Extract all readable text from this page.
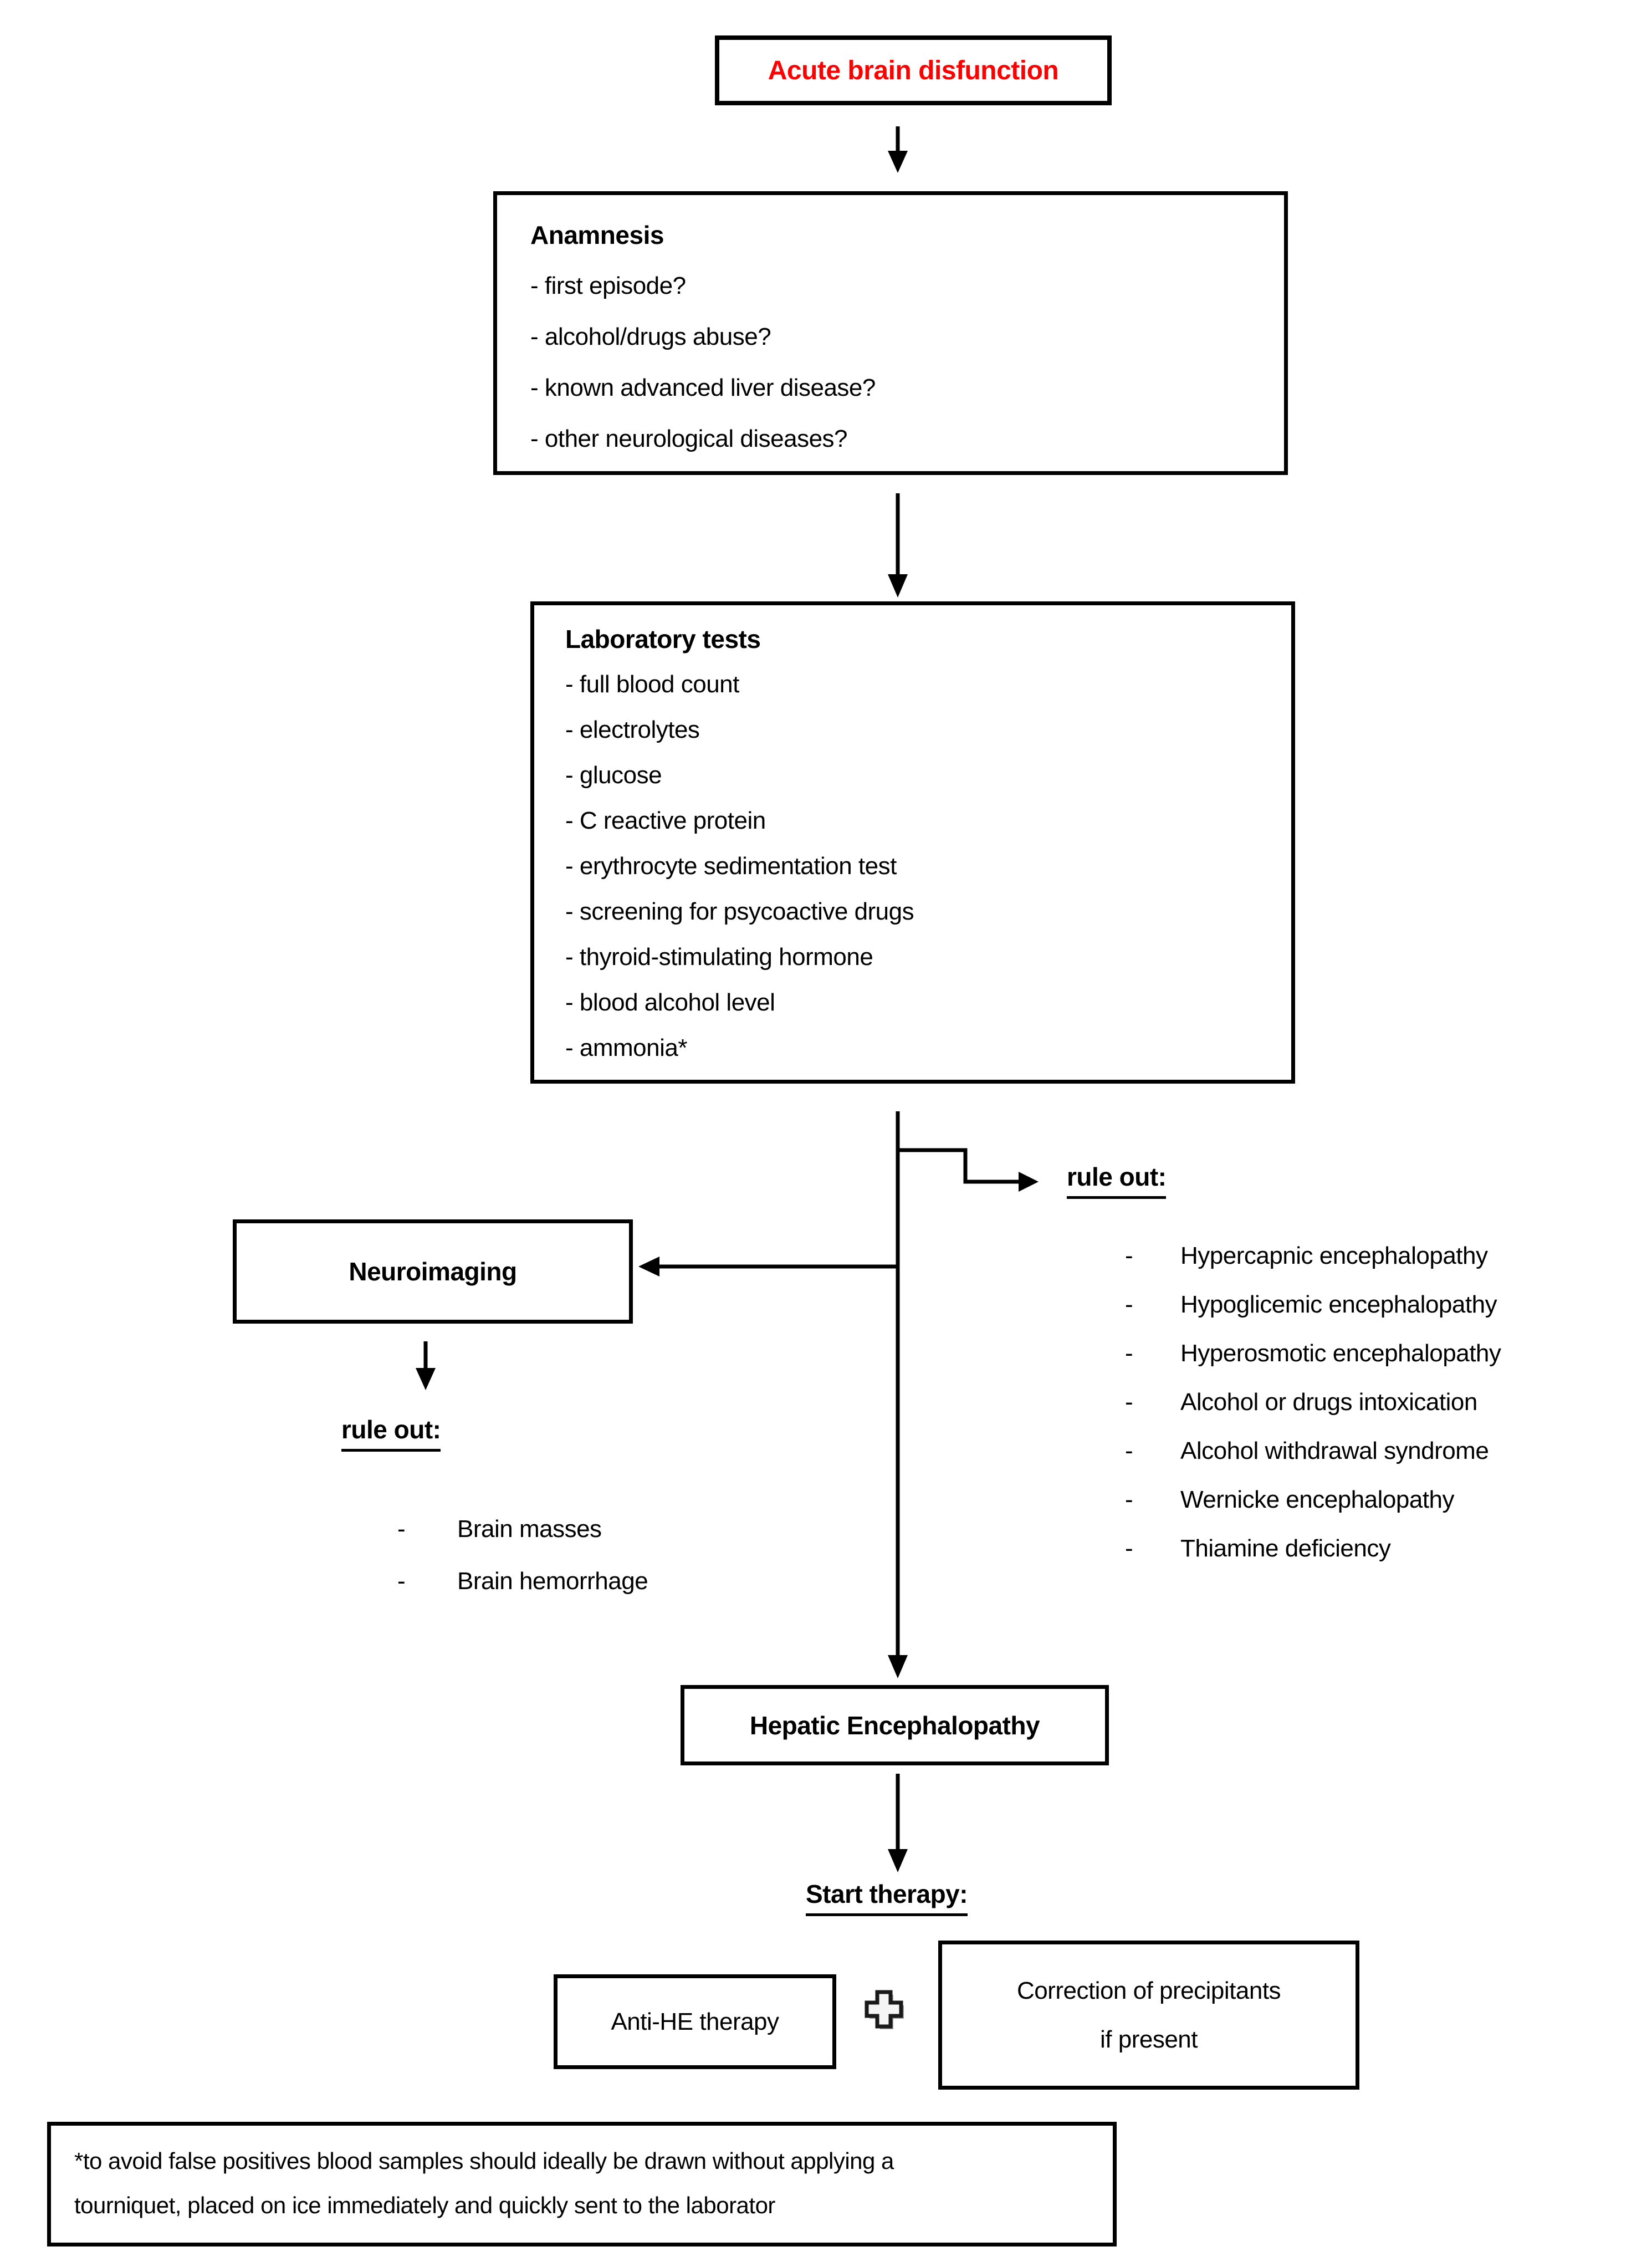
Acute brain disfunction
Anamnesis
- first episode?
- alcohol/drugs abuse?
- known advanced liver disease?
- other neurological diseases?
Laboratory tests
- full blood count
- electrolytes
- glucose
- C reactive protein
- erythrocyte sedimentation test
- screening for psycoactive drugs
- thyroid-stimulating hormone
- blood alcohol level
- ammonia*
rule out:
-	Hypercapnic encephalopathy
-	Hypoglicemic encephalopathy
-	Hyperosmotic encephalopathy
-	Alcohol or drugs intoxication
-	Alcohol withdrawal syndrome
-	Wernicke encephalopathy
-	Thiamine deficiency
Neuroimaging
rule out:
-	Brain masses
-	Brain hemorrhage
Hepatic Encephalopathy
Start therapy:
Anti-HE therapy
Correction of precipitants
if present
*to avoid false positives blood samples should ideally be drawn without applying a
tourniquet, placed on ice immediately and quickly sent to the laborator
